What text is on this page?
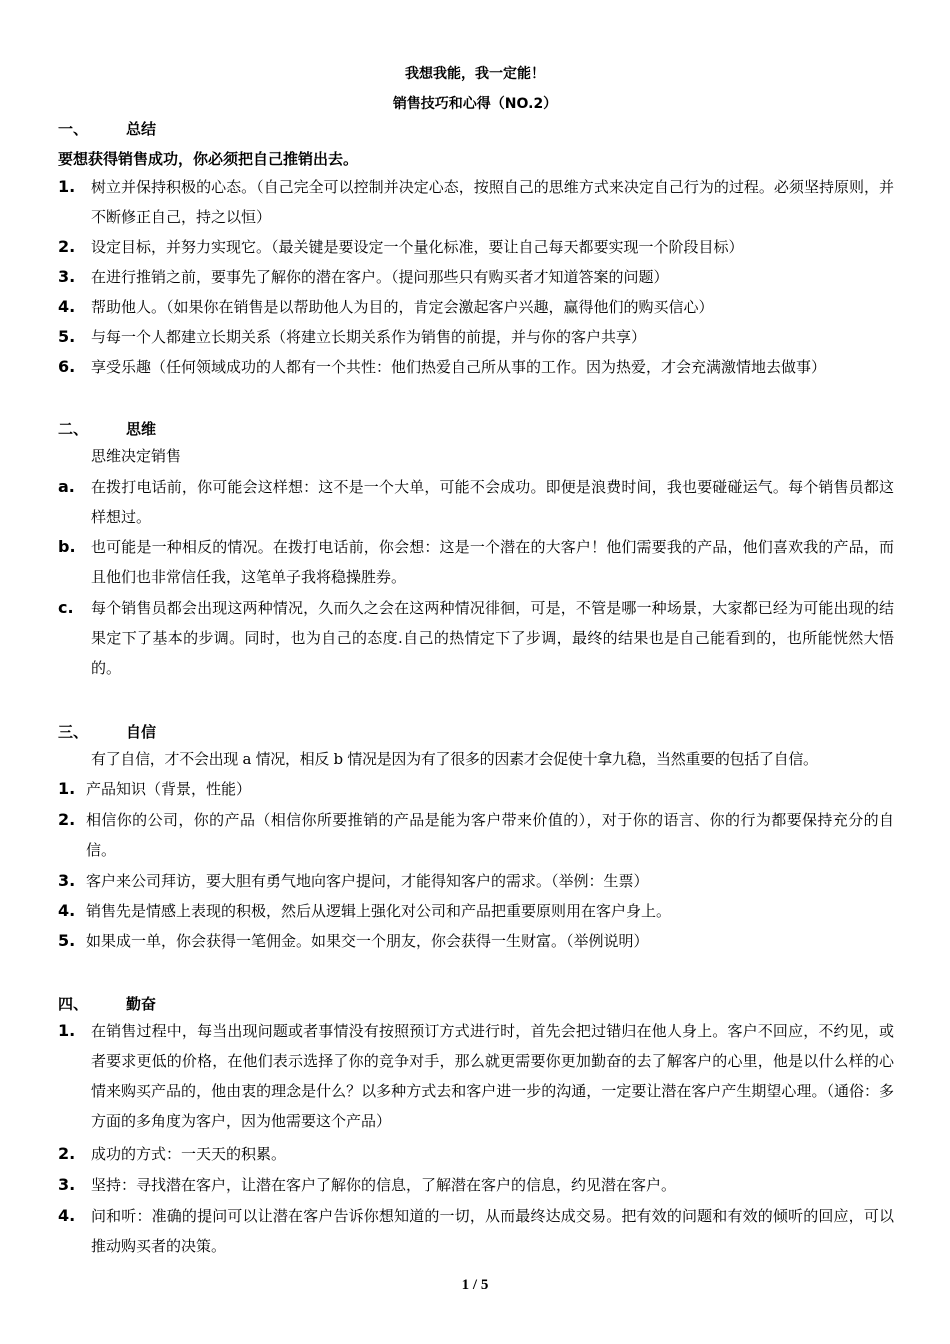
我想我能，我一定能！
销售技巧和心得（NO.2）
一、	总结
要想获得销售成功，你必须把自己推销出去。
1.	树立并保持积极的心态。（自己完全可以控制并决定心态，按照自己的思维方式来决定自己行为的过程。必须坚持原则，并不断修正自己，持之以恒）
2.	设定目标，并努力实现它。（最关键是要设定一个量化标准，要让自己每天都要实现一个阶段目标）
3.	在进行推销之前，要事先了解你的潜在客户。（提问那些只有购买者才知道答案的问题）
4.	帮助他人。（如果你在销售是以帮助他人为目的，肯定会激起客户兴趣，赢得他们的购买信心）
5.	与每一个人都建立长期关系（将建立长期关系作为销售的前提，并与你的客户共享）
6.	享受乐趣（任何领域成功的人都有一个共性：他们热爱自己所从事的工作。因为热爱，才会充满激情地去做事）
二、	思维
思维决定销售
a.	在拨打电话前，你可能会这样想：这不是一个大单，可能不会成功。即便是浪费时间，我也要碰碰运气。每个销售员都这样想过。
b.	也可能是一种相反的情况。在拨打电话前，你会想：这是一个潜在的大客户！他们需要我的产品，他们喜欢我的产品，而且他们也非常信任我，这笔单子我将稳操胜券。
c.	每个销售员都会出现这两种情况，久而久之会在这两种情况徘徊，可是，不管是哪一种场景，大家都已经为可能出现的结果定下了基本的步调。同时，也为自己的态度.自己的热情定下了步调，最终的结果也是自己能看到的，也所能恍然大悟的。
三、	自信
有了自信，才不会出现 a 情况，相反 b 情况是因为有了很多的因素才会促使十拿九稳，当然重要的包括了自信。
1. 产品知识（背景，性能）
2. 相信你的公司，你的产品（相信你所要推销的产品是能为客户带来价值的），对于你的语言、你的行为都要保持充分的自信。
3. 客户来公司拜访，要大胆有勇气地向客户提问，才能得知客户的需求。（举例：生票）
4. 销售先是情感上表现的积极，然后从逻辑上强化对公司和产品把重要原则用在客户身上。
5. 如果成一单，你会获得一笔佣金。如果交一个朋友，你会获得一生财富。（举例说明）
四、	勤奋
1.	在销售过程中，每当出现问题或者事情没有按照预订方式进行时，首先会把过错归在他人身上。客户不回应，不约见，或者要求更低的价格，在他们表示选择了你的竞争对手，那么就更需要你更加勤奋的去了解客户的心里，他是以什么样的心情来购买产品的，他由衷的理念是什么？以多种方式去和客户进一步的沟通，一定要让潜在客户产生期望心理。（通俗：多方面的多角度为客户，因为他需要这个产品）
2.	成功的方式：一天天的积累。
3.	坚持：寻找潜在客户，让潜在客户了解你的信息，了解潜在客户的信息，约见潜在客户。
4.	问和听：准确的提问可以让潜在客户告诉你想知道的一切，从而最终达成交易。把有效的问题和有效的倾听的回应，可以推动购买者的决策。
1 / 5
